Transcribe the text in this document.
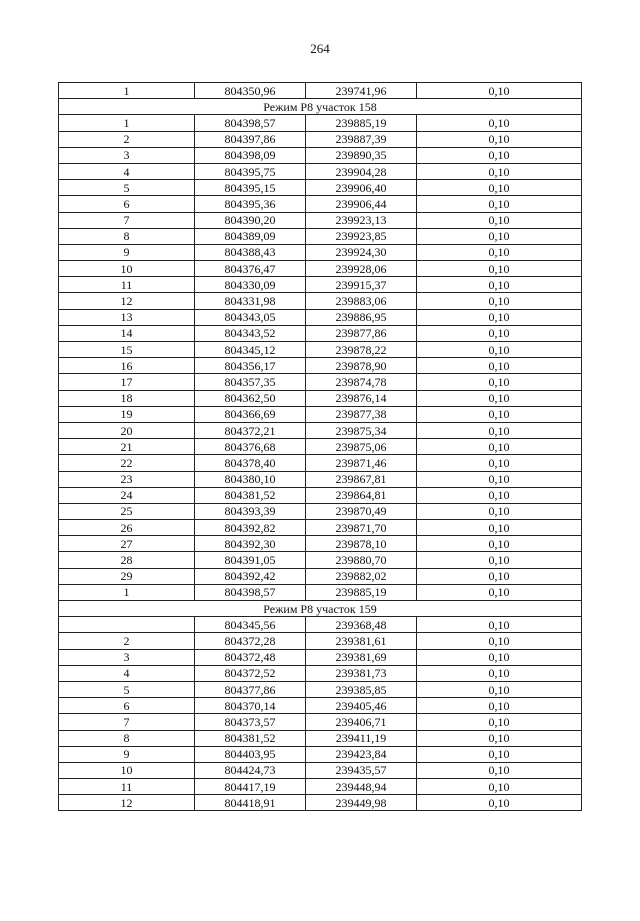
264
1	804350,96	239741,96	0,10
Режим Р8 участок 158			
1	804398,57	239885,19	0,10
2	804397,86	239887,39	0,10
3	804398,09	239890,35	0,10
4	804395,75	239904,28	0,10
5	804395,15	239906,40	0,10
6	804395,36	239906,44	0,10
7	804390,20	239923,13	0,10
8	804389,09	239923,85	0,10
9	804388,43	239924,30	0,10
10	804376,47	239928,06	0,10
11	804330,09	239915,37	0,10
12	804331,98	239883,06	0,10
13	804343,05	239886,95	0,10
14	804343,52	239877,86	0,10
15	804345,12	239878,22	0,10
16	804356,17	239878,90	0,10
17	804357,35	239874,78	0,10
18	804362,50	239876,14	0,10
19	804366,69	239877,38	0,10
20	804372,21	239875,34	0,10
21	804376,68	239875,06	0,10
22	804378,40	239871,46	0,10
23	804380,10	239867,81	0,10
24	804381,52	239864,81	0,10
25	804393,39	239870,49	0,10
26	804392,82	239871,70	0,10
27	804392,30	239878,10	0,10
28	804391,05	239880,70	0,10
29	804392,42	239882,02	0,10
1	804398,57	239885,19	0,10
Режим Р8 участок 159			
	804345,56	239368,48	0,10
2	804372,28	239381,61	0,10
3	804372,48	239381,69	0,10
4	804372,52	239381,73	0,10
5	804377,86	239385,85	0,10
6	804370,14	239405,46	0,10
7	804373,57	239406,71	0,10
8	804381,52	239411,19	0,10
9	804403,95	239423,84	0,10
10	804424,73	239435,57	0,10
11	804417,19	239448,94	0,10
12	804418,91	239449,98	0,10
